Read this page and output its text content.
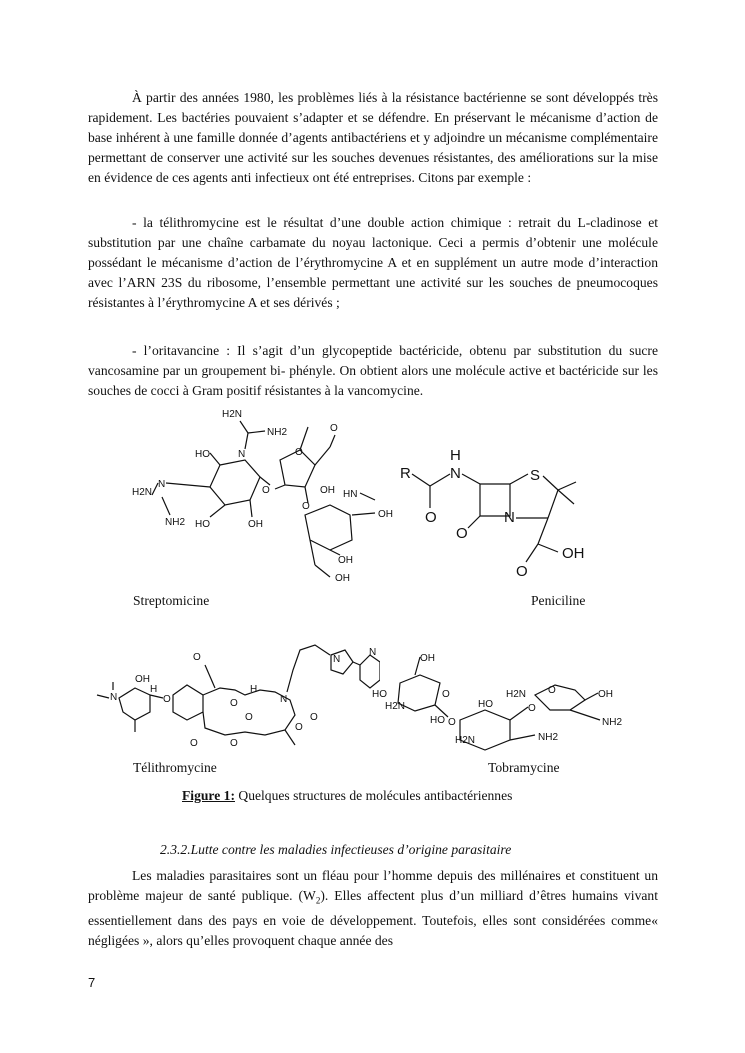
À partir des années 1980, les problèmes liés à la résistance bactérienne se sont développés très rapidement. Les bactéries pouvaient s’adapter et se défendre. En préservant le mécanisme d’action de base inhérent à une famille donnée d’agents antibactériens et y adjoindre un mécanisme complémentaire permettant de conserver une activité sur les souches devenues résistantes, des améliorations sur la mise en évidence de ces agents anti infectieux ont été entreprises. Citons par exemple :
- la télithromycine est le résultat d’une double action chimique : retrait du L-cladinose et substitution par une chaîne carbamate du noyau lactonique. Ceci a permis d’obtenir une molécule possédant le mécanisme d’action de l’érythromycine A et en supplément un autre mode d’interaction avec l’ARN 23S du ribosome, l’ensemble permettant une activité sur les souches de pneumocoques résistantes à l’érythromycine A et ses dérivés ;
- l’oritavancine : Il s’agit d’un glycopeptide bactéricide, obtenu par substitution du sucre vancosamine par un groupement bi- phényle. On obtient alors une molécule active et bactéricide sur les souches de cocci à Gram positif résistantes à la vancomycine.
H2N
NH2
N
HO
N
H2N
NH2 HO	OH
O
O
O
OH
O
HN
OH
OH
OH
R
O
H
N
O
N
S
O
OH
Streptomicine	Peniciline
N
OH
H
O
O
O
H
O	O
O
N
O
O
N
N
OH
HO
H2N
O
HO O
HO
H2N	NH2
O
H2N O	OH
NH2
Télithromycine	Tobramycine
Figure 1: Quelques structures de molécules antibactériennes
2.3.2.Lutte contre les maladies infectieuses d’origine parasitaire
Les maladies parasitaires sont un fléau pour l’homme depuis des millénaires et constituent un problème majeur de santé publique. $(W_2)$. Elles affectent plus d’un milliard d’êtres humains vivant essentiellement dans des pays en voie de développement. Toutefois, elles sont considérées comme« négligées », alors qu’elles provoquent chaque année des
7
